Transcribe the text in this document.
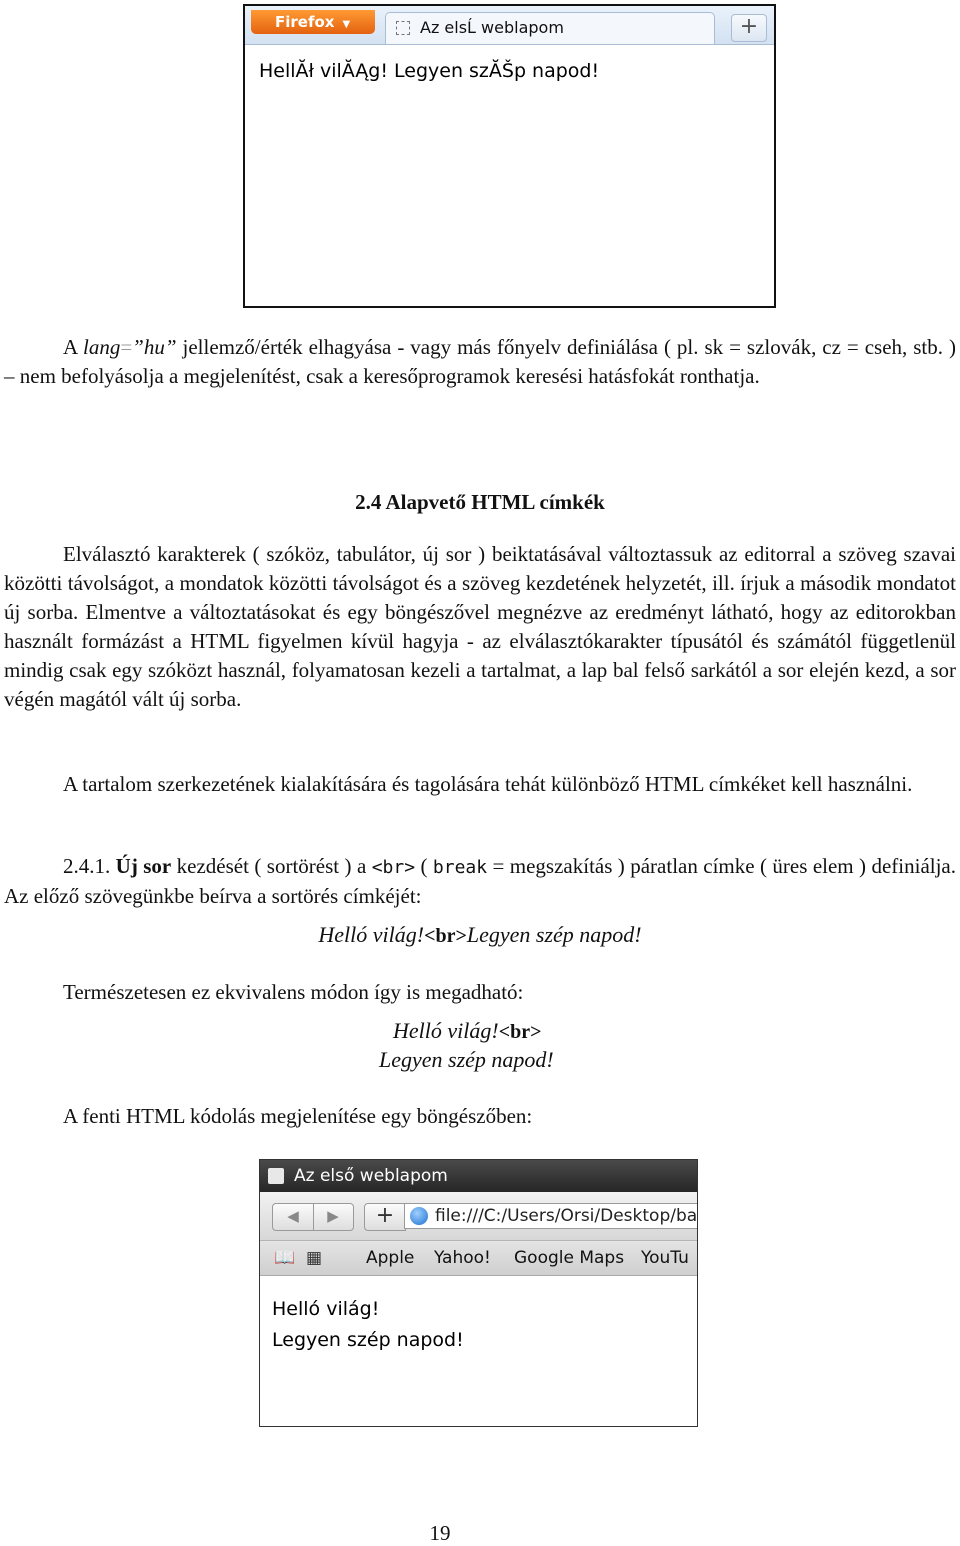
Firefox ▼	Az elsĹ weblapom	+
HellĂł vilĂĄg! Legyen szĂŠp napod!

A lang=”hu” jellemző/érték elhagyása - vagy más főnyelv definiálása ( pl. sk = szlovák, cz = cseh, stb. ) – nem befolyásolja a megjelenítést, csak a keresőprogramok keresési hatásfokát ronthatja.

2.4 Alapvető HTML címkék

Elválasztó karakterek ( szóköz, tabulátor, új sor ) beiktatásával változtassuk az editorral a szöveg szavai közötti távolságot, a mondatok közötti távolságot és a szöveg kezdetének helyzetét, ill. írjuk a második mondatot új sorba. Elmentve a változtatásokat és egy böngészővel megnézve az eredményt látható, hogy az editorokban használt formázást a HTML figyelmen kívül hagyja - az elválasztókarakter típusától és számától függetlenül mindig csak egy szóközt használ, folyamatosan kezeli a tartalmat, a lap bal felső sarkától a sor elején kezd, a sor végén magától vált új sorba.

A tartalom szerkezetének kialakítására és tagolására tehát különböző HTML címkéket kell használni.

2.4.1. Új sor kezdését ( sortörést ) a <br> ( break = megszakítás ) páratlan címke ( üres elem ) definiálja. Az előző szövegünkbe beírva a sortörés címkéjét:

Helló világ!<br>Legyen szép napod!

Természetesen ez ekvivalens módon így is megadható:

Helló világ!<br>
Legyen szép napod!

A fenti HTML kódolás megjelenítése egy böngészőben:

Az első weblapom
◀	▶	+	file:///C:/Users/Orsi/Desktop/ba
📖 ▦	Apple Yahoo! Google Maps YouTu
Helló világ!
Legyen szép napod!
19
